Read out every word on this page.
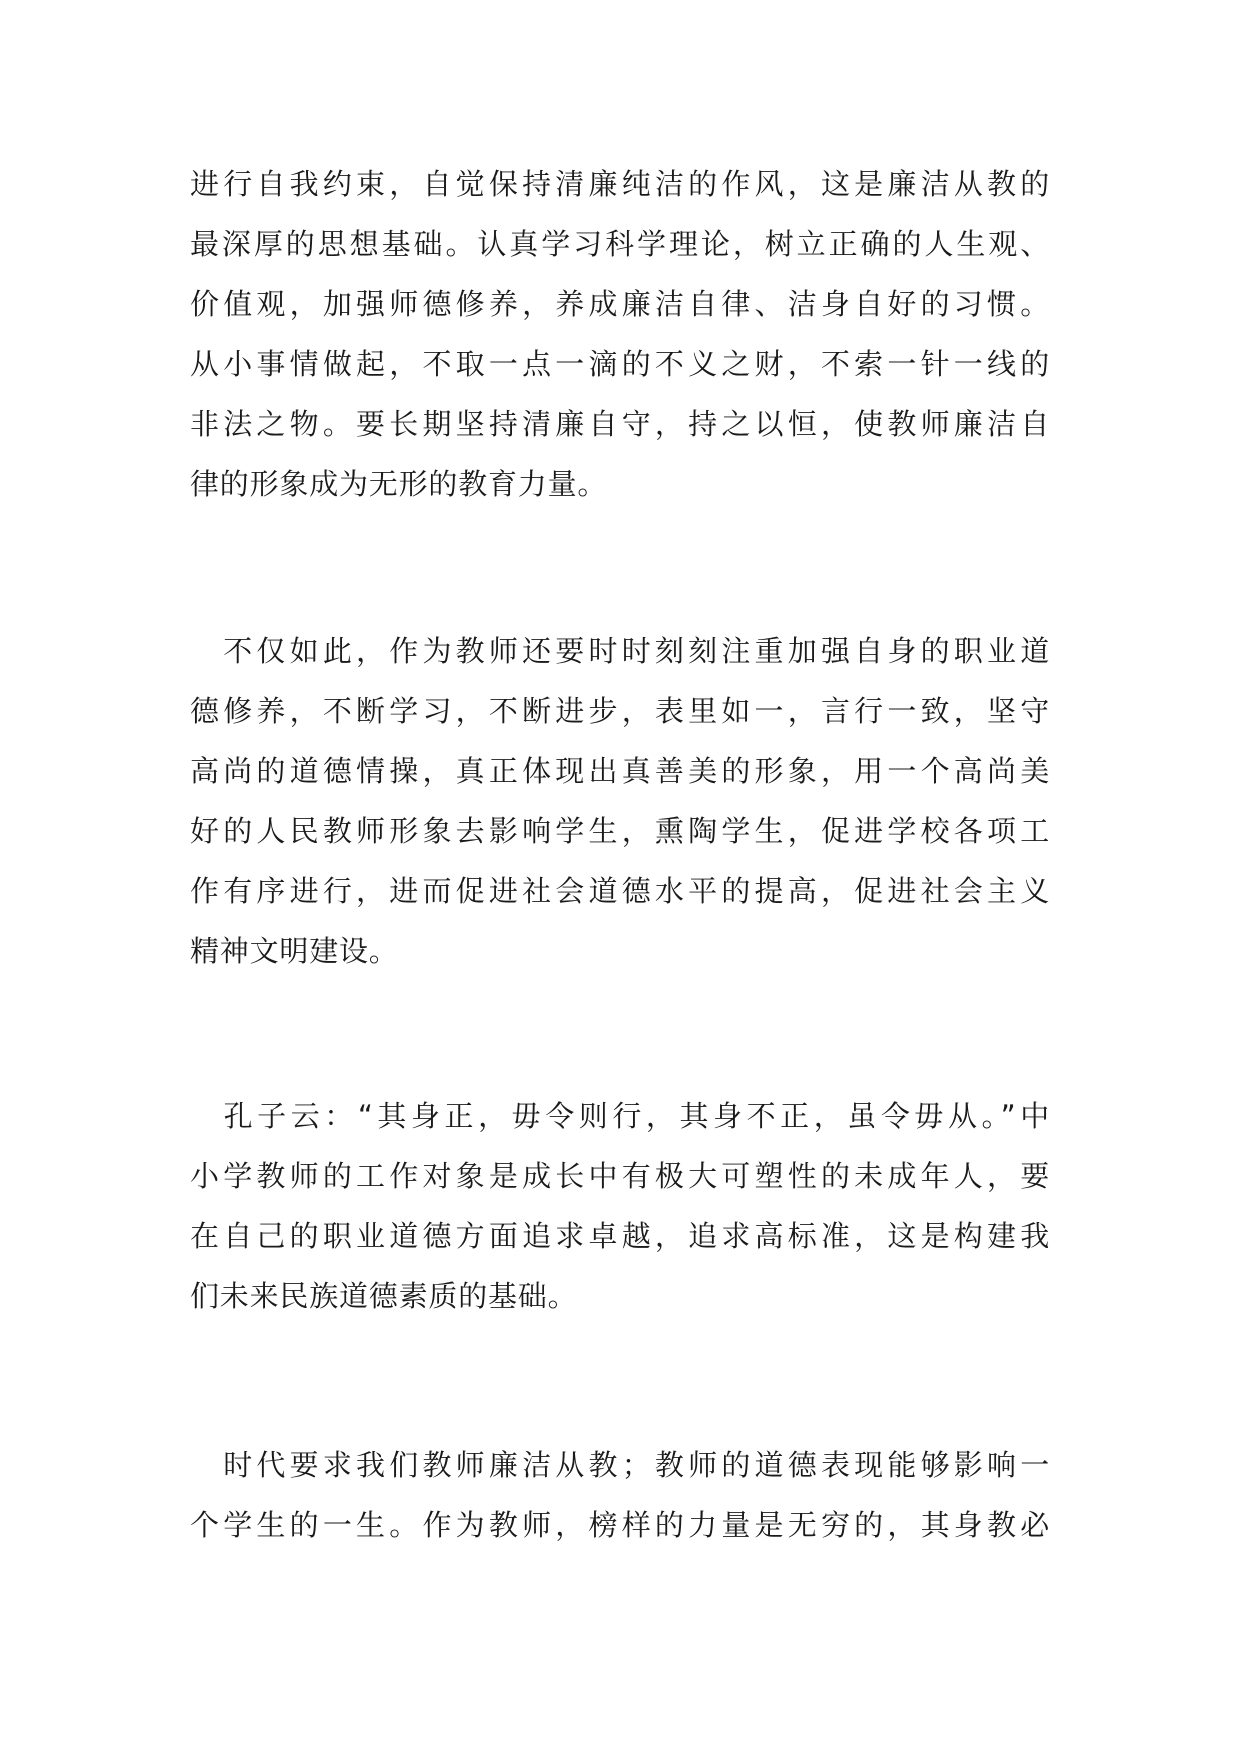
进行自我约束，自觉保持清廉纯洁的作风，这是廉洁从教的
最深厚的思想基础。认真学习科学理论，树立正确的人生观、
价值观，加强师德修养，养成廉洁自律、洁身自好的习惯。
从小事情做起，不取一点一滴的不义之财，不索一针一线的
非法之物。要长期坚持清廉自守，持之以恒，使教师廉洁自
律的形象成为无形的教育力量。
　不仅如此，作为教师还要时时刻刻注重加强自身的职业道
德修养，不断学习，不断进步，表里如一，言行一致，坚守
高尚的道德情操，真正体现出真善美的形象，用一个高尚美
好的人民教师形象去影响学生，熏陶学生，促进学校各项工
作有序进行，进而促进社会道德水平的提高，促进社会主义
精神文明建设。
　孔子云：“其身正，毋令则行，其身不正，虽令毋从。”中
小学教师的工作对象是成长中有极大可塑性的未成年人，要
在自己的职业道德方面追求卓越，追求高标准，这是构建我
们未来民族道德素质的基础。
　时代要求我们教师廉洁从教；教师的道德表现能够影响一
个学生的一生。作为教师，榜样的力量是无穷的，其身教必
